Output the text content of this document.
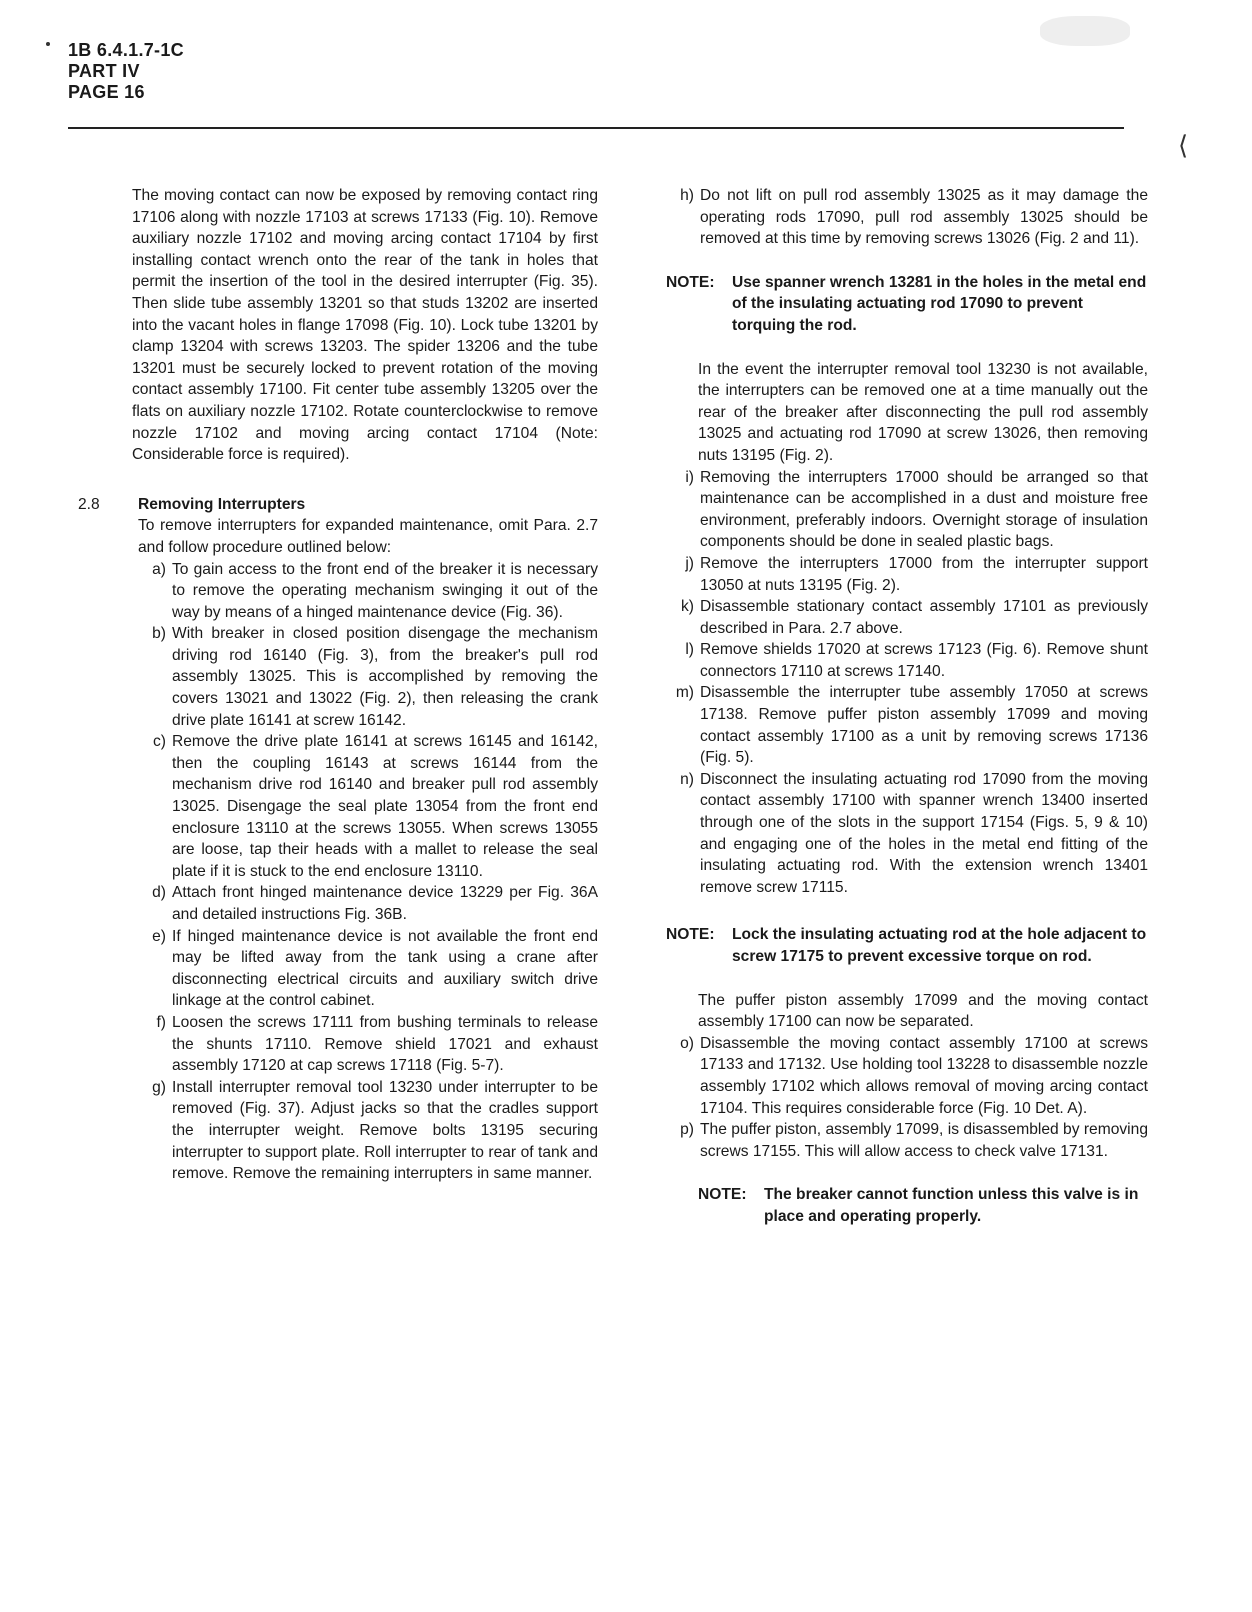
1B 6.4.1.7-1C
PART IV
PAGE 16
⟨

The moving contact can now be exposed by removing contact ring 17106 along with nozzle 17103 at screws 17133 (Fig. 10). Remove auxiliary nozzle 17102 and moving arcing contact 17104 by first installing contact wrench onto the rear of the tank in holes that permit the insertion of the tool in the desired interrupter (Fig. 35). Then slide tube assembly 13201 so that studs 13202 are inserted into the vacant holes in flange 17098 (Fig. 10). Lock tube 13201 by clamp 13204 with screws 13203. The spider 13206 and the tube 13201 must be securely locked to prevent rotation of the moving contact assembly 17100. Fit center tube assembly 13205 over the flats on auxiliary nozzle 17102. Rotate counterclockwise to remove nozzle 17102 and moving arcing contact 17104 (Note: Considerable force is required).

2.8	Removing Interrupters

To remove interrupters for expanded maintenance, omit Para. 2.7 and follow procedure outlined below:

a) To gain access to the front end of the breaker it is necessary to remove the operating mechanism swinging it out of the way by means of a hinged maintenance device (Fig. 36).
b) With breaker in closed position disengage the mechanism driving rod 16140 (Fig. 3), from the breaker's pull rod assembly 13025. This is accomplished by removing the covers 13021 and 13022 (Fig. 2), then releasing the crank drive plate 16141 at screw 16142.
c) Remove the drive plate 16141 at screws 16145 and 16142, then the coupling 16143 at screws 16144 from the mechanism drive rod 16140 and breaker pull rod assembly 13025. Disengage the seal plate 13054 from the front end enclosure 13110 at the screws 13055. When screws 13055 are loose, tap their heads with a mallet to release the seal plate if it is stuck to the end enclosure 13110.
d) Attach front hinged maintenance device 13229 per Fig. 36A and detailed instructions Fig. 36B.
e) If hinged maintenance device is not available the front end may be lifted away from the tank using a crane after disconnecting electrical circuits and auxiliary switch drive linkage at the control cabinet.
f) Loosen the screws 17111 from bushing terminals to release the shunts 17110. Remove shield 17021 and exhaust assembly 17120 at cap screws 17118 (Fig. 5-7).
g) Install interrupter removal tool 13230 under interrupter to be removed (Fig. 37). Adjust jacks so that the cradles support the interrupter weight. Remove bolts 13195 securing interrupter to support plate. Roll interrupter to rear of tank and remove. Remove the remaining interrupters in same manner.
h) Do not lift on pull rod assembly 13025 as it may damage the operating rods 17090, pull rod assembly 13025 should be removed at this time by removing screws 13026 (Fig. 2 and 11).
NOTE:	Use spanner wrench 13281 in the holes in the metal end of the insulating actuating rod 17090 to prevent torquing the rod.

In the event the interrupter removal tool 13230 is not available, the interrupters can be removed one at a time manually out the rear of the breaker after disconnecting the pull rod assembly 13025 and actuating rod 17090 at screw 13026, then removing nuts 13195 (Fig. 2).

i) Removing the interrupters 17000 should be arranged so that maintenance can be accomplished in a dust and moisture free environment, preferably indoors. Overnight storage of insulation components should be done in sealed plastic bags.
j) Remove the interrupters 17000 from the interrupter support 13050 at nuts 13195 (Fig. 2).
k) Disassemble stationary contact assembly 17101 as previously described in Para. 2.7 above.
l) Remove shields 17020 at screws 17123 (Fig. 6). Remove shunt connectors 17110 at screws 17140.
m) Disassemble the interrupter tube assembly 17050 at screws 17138. Remove puffer piston assembly 17099 and moving contact assembly 17100 as a unit by removing screws 17136 (Fig. 5).
n) Disconnect the insulating actuating rod 17090 from the moving contact assembly 17100 with spanner wrench 13400 inserted through one of the slots in the support 17154 (Figs. 5, 9 & 10) and engaging one of the holes in the metal end fitting of the insulating actuating rod. With the extension wrench 13401 remove screw 17115.
NOTE:	Lock the insulating actuating rod at the hole adjacent to screw 17175 to prevent excessive torque on rod.

The puffer piston assembly 17099 and the moving contact assembly 17100 can now be separated.

o) Disassemble the moving contact assembly 17100 at screws 17133 and 17132. Use holding tool 13228 to disassemble nozzle assembly 17102 which allows removal of moving arcing contact 17104. This requires considerable force (Fig. 10 Det. A).
p) The puffer piston, assembly 17099, is disassembled by removing screws 17155. This will allow access to check valve 17131.
NOTE:	The breaker cannot function unless this valve is in place and operating properly.
